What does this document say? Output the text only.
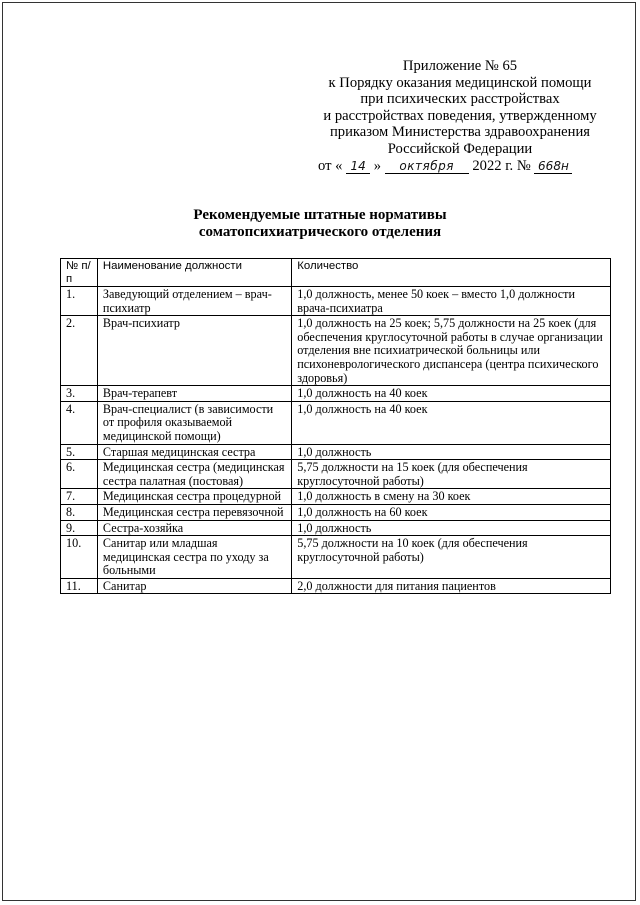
Приложение № 65
к Порядку оказания медицинской помощи
при психических расстройствах
и расстройствах поведения, утвержденному
приказом Министерства здравоохранения
Российской Федерации
от « 14 » октября 2022 г. № 668н
Рекомендуемые штатные нормативы
соматопсихиатрического отделения
№ п/п	Наименование должности	Количество
1.	Заведующий отделением – врач-психиатр	1,0 должность, менее 50 коек – вместо 1,0 должности врача-психиатра
2.	Врач-психиатр	1,0 должность на 25 коек; 5,75 должности на 25 коек (для обеспечения круглосуточной работы в случае организации отделения вне психиатрической больницы или психоневрологического диспансера (центра психического здоровья)
3.	Врач-терапевт	1,0 должность на 40 коек
4.	Врач-специалист (в зависимости от профиля оказываемой медицинской помощи)	1,0 должность на 40 коек
5.	Старшая медицинская сестра	1,0 должность
6.	Медицинская сестра (медицинская сестра палатная (постовая)	5,75 должности на 15 коек (для обеспечения круглосуточной работы)
7.	Медицинская сестра процедурной	1,0 должность в смену на 30 коек
8.	Медицинская сестра перевязочной	1,0 должность на 60 коек
9.	Сестра-хозяйка	1,0 должность
10.	Санитар или младшая медицинская сестра по уходу за больными	5,75 должности на 10 коек (для обеспечения круглосуточной работы)
11.	Санитар	2,0 должности для питания пациентов
